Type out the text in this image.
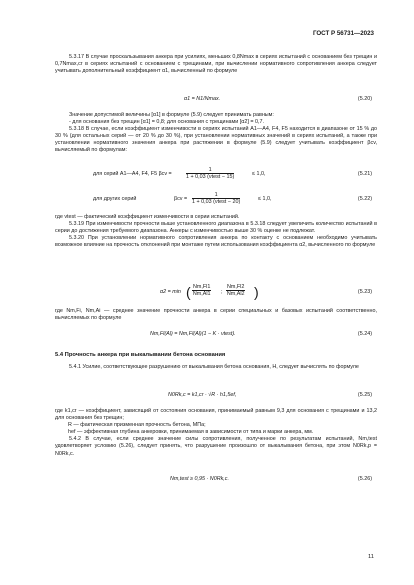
ГОСТ Р 56731—2023

5.3.17 В случае проскальзывания анкера при усилиях, меньших 0,8Nmax в сериях испытаний с основанием без трещин и 0,7Nmax,cr в сериях испытаний с основанием с трещинами, при вычислении нормативного сопротивления анкера следует учитывать дополнительный коэффициент α1, вычисленный по формуле

α1 = N1/Nmax.	(5.20)

Значение допустимой величины [α1] в формуле (5.9) следует принимать равным:

- для основания без трещин [α1] = 0,8; для основания с трещинами [α2] = 0,7.

5.3.18 В случае, если коэффициент изменчивости в сериях испытаний А1—А4, F4, F5 находится в диапазоне от 15 % до 30 % (для остальных серий — от 20 % до 30 %), при установлении нормативных значений в сериях испытаний, а также при установлении нормативного значения анкера при растяжении в формуле (5.9) следует учитывать коэффициент βcv, вычисляемый по формулам:

для серий А1—А4, F4, F5 βcv =
1
1 + 0,03 (νtest − 15)	≤ 1,0,	(5.21)
для других серий	βcv =
1
1 + 0,03 (νtest − 20)	≤ 1,0,	(5.22)

где νtest — фактический коэффициент изменчивости в серии испытаний.

5.3.19 При изменчивости прочности выше установленного диапазона в 5.3.18 следует увеличить количество испытаний в серии до достижения требуемого диапазона. Анкеры с изменчивостью выше 30 % оценке не подлежат.

5.3.20 При установлении нормативного сопротивления анкера по контакту с основанием необходимо учитывать возможное влияние на прочность отклонений при монтаже путем использования коэффициента α2, вычисленного по формуле

α2 = min ( $\frac{Nm,Fl1}{Nm,Al1}$ ; $\frac{Nm,Fl2}{Nm,Al2}$ )	(5.23)

где Nm,Fi, Nm,Ai — среднее значение прочности анкера в серии специальных и базовых испытаний соответственно, вычисляемых по формуле

Nm,Fl(Al) = Nm,Fl(Al)(1 − K · νtest).	(5.24)
5.4 Прочность анкера при выкалывании бетона основания

5.4.1 Усилие, соответствующее разрушению от выкалывания бетона основания, Н, следует вычислять по формуле

N0Rk,c = k1,cr · √R · h1,5ef,	(5.25)

где k1,cr — коэффициент, зависящий от состояния основания, принимаемый равным 9,3 для основания с трещинами и 13,2 для основания без трещин;

R — фактическая призменная прочность бетона, МПа;

hef — эффективная глубина анкеровки, принимаемая в зависимости от типа и марки анкера, мм.

5.4.2 В случае, если среднее значение силы сопротивления, полученное по результатам испытаний, Nm,test удовлетворяет условию (5.26), следует принять, что разрушение произошло от выкалывания бетона, при этом N0Rk,p = N0Rk,c.

Nm,test ≥ 0,95 · N0Rk,c.	(5.26)
11
